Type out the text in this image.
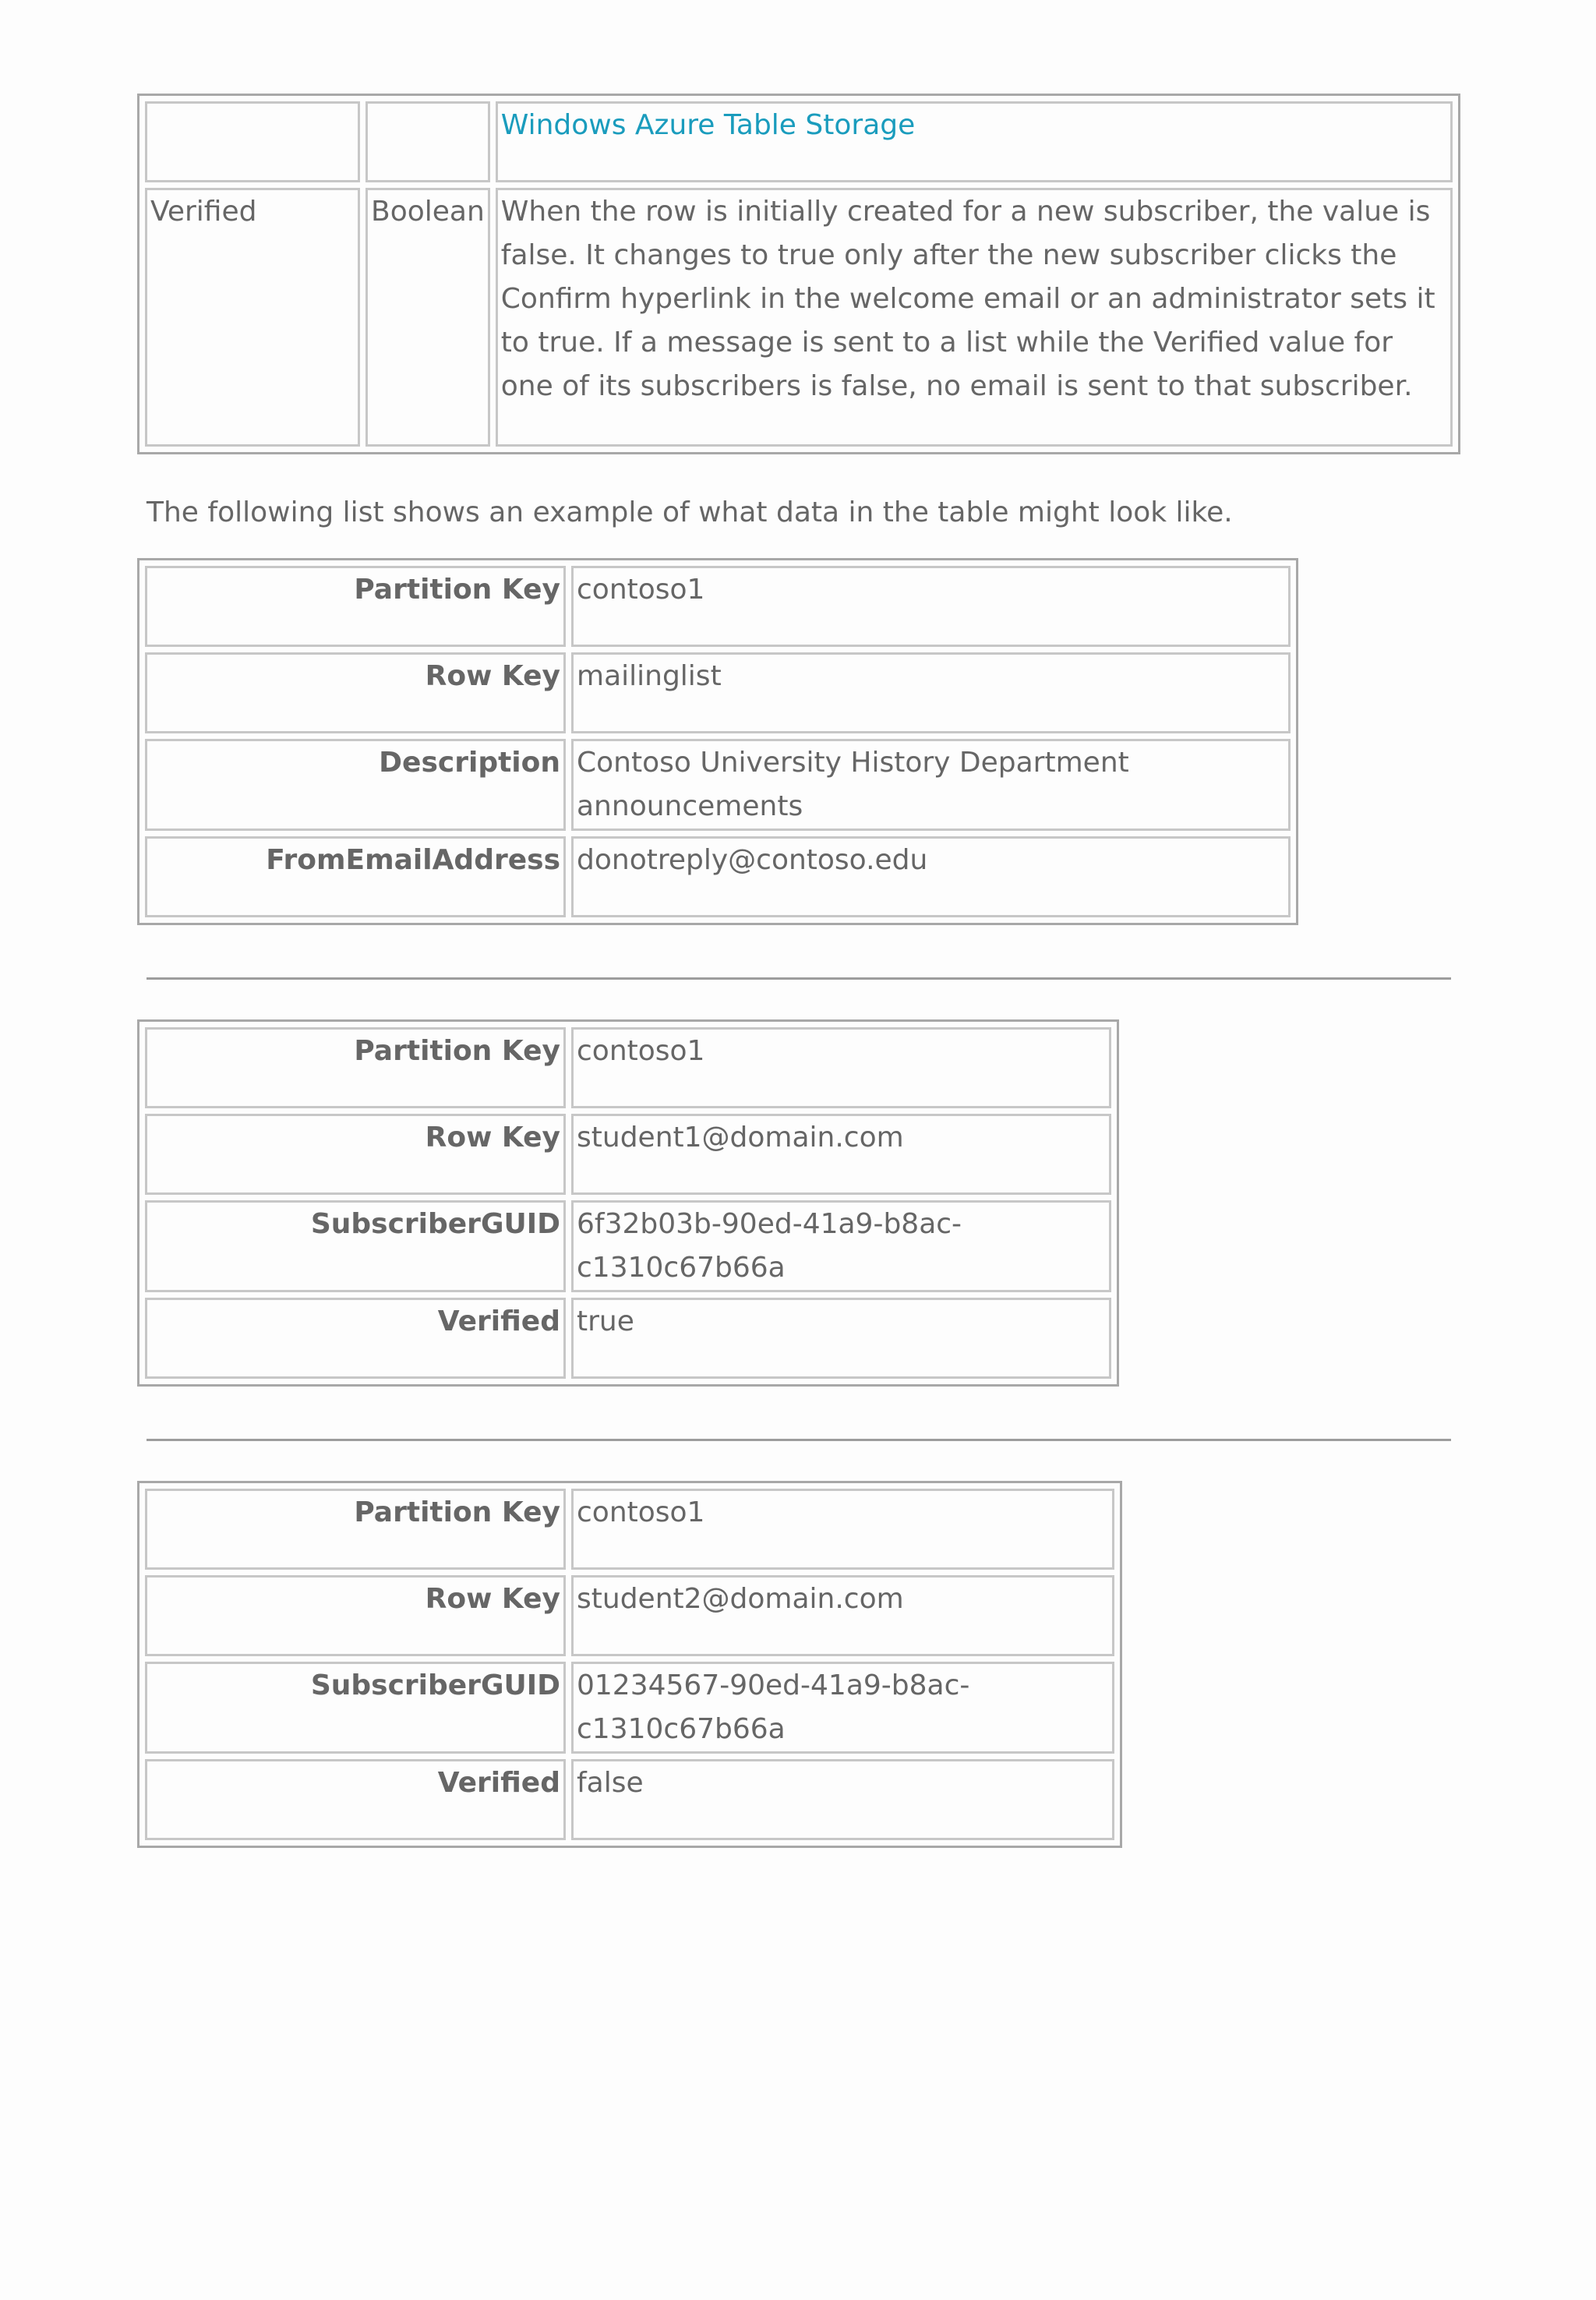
		Windows Azure Table Storage
Verified	Boolean	When the row is initially created for a new subscriber, the value is false. It changes to true only after the new subscriber clicks the Confirm hyperlink in the welcome email or an administrator sets it to true. If a message is sent to a list while the Verified value for one of its subscribers is false, no email is sent to that subscriber.

The following list shows an example of what data in the table might look like.

Partition Key	contoso1
Row Key	mailinglist
Description	Contoso University History Department announcements
FromEmailAddress	donotreply@contoso.edu
Partition Key	contoso1
Row Key	student1@domain.com
SubscriberGUID	6f32b03b-90ed-41a9-b8ac-c1310c67b66a
Verified	true
Partition Key	contoso1
Row Key	student2@domain.com
SubscriberGUID	01234567-90ed-41a9-b8ac-c1310c67b66a
Verified	false
